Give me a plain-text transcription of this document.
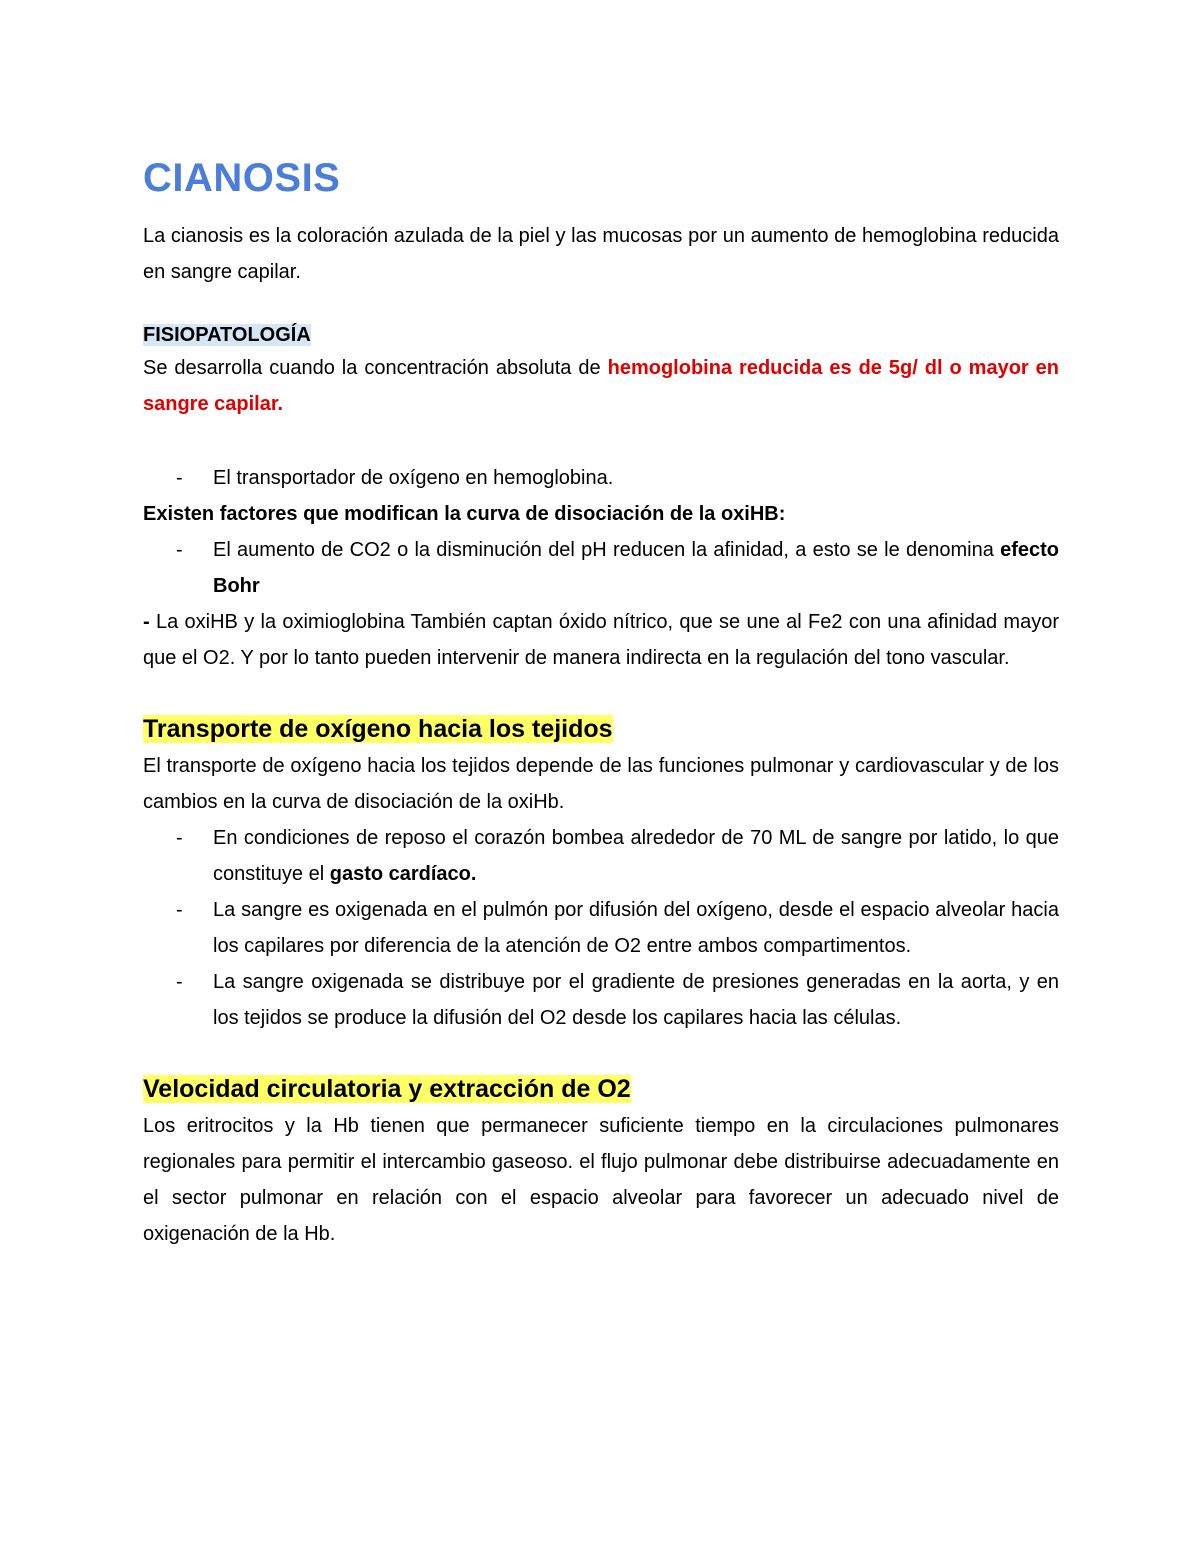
CIANOSIS

La cianosis es la coloración azulada de la piel y las mucosas por un aumento de hemoglobina reducida en sangre capilar.

FISIOPATOLOGÍA

Se desarrolla cuando la concentración absoluta de hemoglobina reducida es de 5g/ dl o mayor en sangre capilar.

- El transportador de oxígeno en hemoglobina.

Existen factores que modifican la curva de disociación de la oxiHB:

- El aumento de CO2 o la disminución del pH reducen la afinidad, a esto se le denomina efecto Bohr

- La oxiHB y la oximioglobina También captan óxido nítrico, que se une al Fe2 con una afinidad mayor que el O2. Y por lo tanto pueden intervenir de manera indirecta en la regulación del tono vascular.

Transporte de oxígeno hacia los tejidos

El transporte de oxígeno hacia los tejidos depende de las funciones pulmonar y cardiovascular y de los cambios en la curva de disociación de la oxiHb.

- En condiciones de reposo el corazón bombea alrededor de 70 ML de sangre por latido, lo que constituye el gasto cardíaco.
- La sangre es oxigenada en el pulmón por difusión del oxígeno, desde el espacio alveolar hacia los capilares por diferencia de la atención de O2 entre ambos compartimentos.
- La sangre oxigenada se distribuye por el gradiente de presiones generadas en la aorta, y en los tejidos se produce la difusión del O2 desde los capilares hacia las células.

Velocidad circulatoria y extracción de O2

Los eritrocitos y la Hb tienen que permanecer suficiente tiempo en la circulaciones pulmonares regionales para permitir el intercambio gaseoso. el flujo pulmonar debe distribuirse adecuadamente en el sector pulmonar en relación con el espacio alveolar para favorecer un adecuado nivel de oxigenación de la Hb.
